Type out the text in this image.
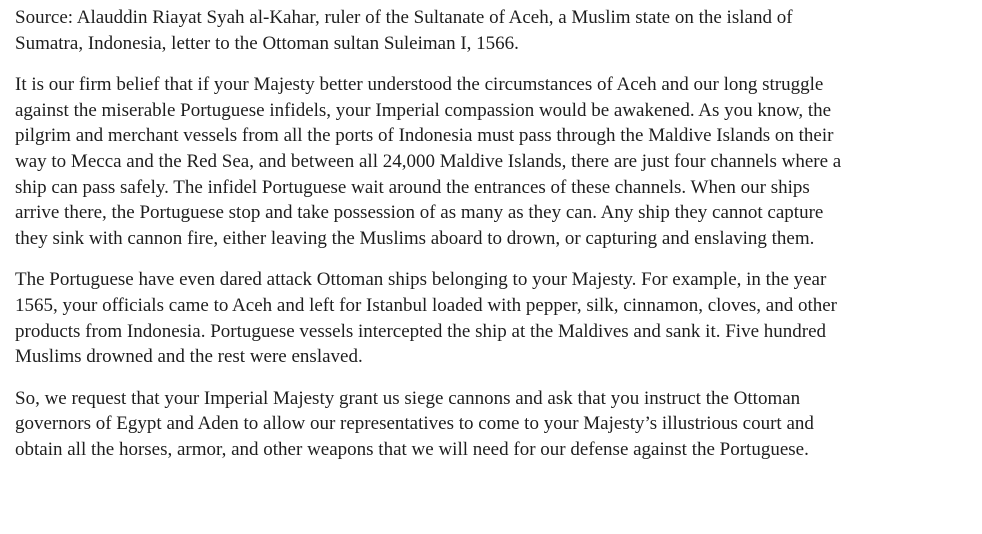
Source: Alauddin Riayat Syah al-Kahar, ruler of the Sultanate of Aceh, a Muslim state on the island of
Sumatra, Indonesia, letter to the Ottoman sultan Suleiman I, 1566.

It is our firm belief that if your Majesty better understood the circumstances of Aceh and our long struggle
against the miserable Portuguese infidels, your Imperial compassion would be awakened. As you know, the
pilgrim and merchant vessels from all the ports of Indonesia must pass through the Maldive Islands on their
way to Mecca and the Red Sea, and between all 24,000 Maldive Islands, there are just four channels where a
ship can pass safely. The infidel Portuguese wait around the entrances of these channels. When our ships
arrive there, the Portuguese stop and take possession of as many as they can. Any ship they cannot capture
they sink with cannon fire, either leaving the Muslims aboard to drown, or capturing and enslaving them.

The Portuguese have even dared attack Ottoman ships belonging to your Majesty. For example, in the year
1565, your officials came to Aceh and left for Istanbul loaded with pepper, silk, cinnamon, cloves, and other
products from Indonesia. Portuguese vessels intercepted the ship at the Maldives and sank it. Five hundred
Muslims drowned and the rest were enslaved.

So, we request that your Imperial Majesty grant us siege cannons and ask that you instruct the Ottoman
governors of Egypt and Aden to allow our representatives to come to your Majesty’s illustrious court and
obtain all the horses, armor, and other weapons that we will need for our defense against the Portuguese.
